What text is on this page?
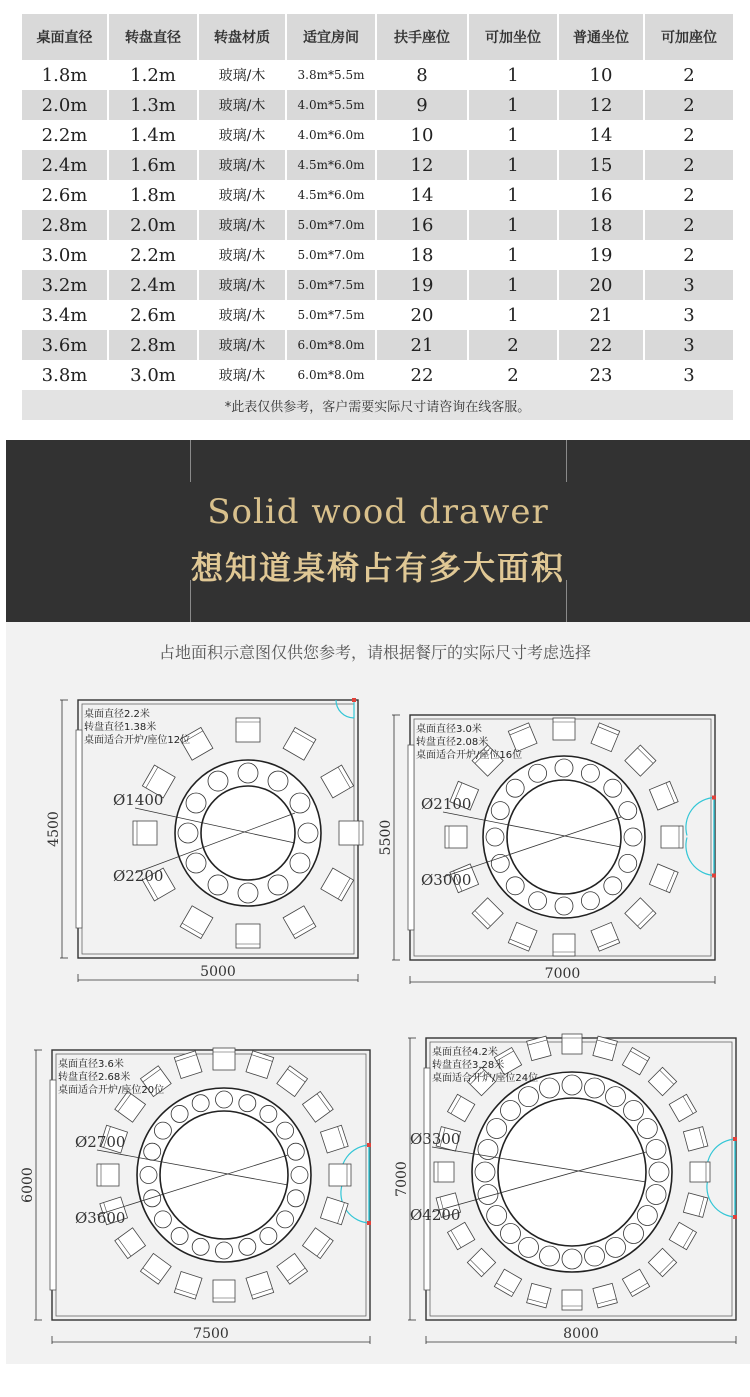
桌面直径	转盘直径	转盘材质	适宜房间	扶手座位	可加坐位	普通坐位	可加座位
1.8m	1.2m	玻璃/木	3.8m*5.5m	8	1	10	2
2.0m	1.3m	玻璃/木	4.0m*5.5m	9	1	12	2
2.2m	1.4m	玻璃/木	4.0m*6.0m	10	1	14	2
2.4m	1.6m	玻璃/木	4.5m*6.0m	12	1	15	2
2.6m	1.8m	玻璃/木	4.5m*6.0m	14	1	16	2
2.8m	2.0m	玻璃/木	5.0m*7.0m	16	1	18	2
3.0m	2.2m	玻璃/木	5.0m*7.0m	18	1	19	2
3.2m	2.4m	玻璃/木	5.0m*7.5m	19	1	20	3
3.4m	2.6m	玻璃/木	5.0m*7.5m	20	1	21	3
3.6m	2.8m	玻璃/木	6.0m*8.0m	21	2	22	3
3.8m	3.0m	玻璃/木	6.0m*8.0m	22	2	23	3
*此表仅供参考，客户需要实际尺寸请咨询在线客服。							
Solid wood drawer
想知道桌椅占有多大面积
占地面积示意图仅供您参考，请根据餐厅的实际尺寸考虑选择
Ø1400
Ø2200
5000
4500
桌面直径2.2米
转盘直径1.38米
桌面适合开炉/座位12位
Ø2100
Ø3000
7000
5500
桌面直径3.0米
转盘直径2.08米
桌面适合开炉/座位16位
Ø2700
Ø3600
7500
6000
桌面直径3.6米
转盘直径2.68米
桌面适合开炉/座位20位
Ø3300
Ø4200
8000
7000
桌面直径4.2米
转盘直径3.28米
桌面适合开炉/座位24位
